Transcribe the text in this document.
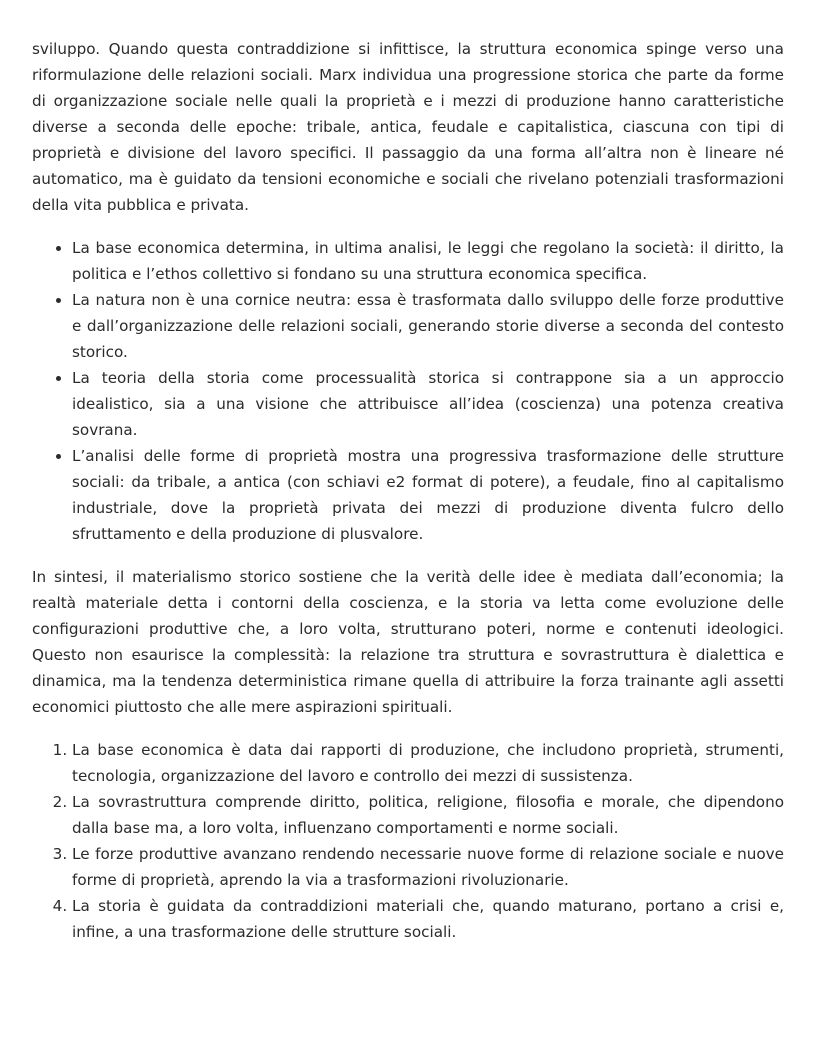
sviluppo. Quando questa contraddizione si infittisce, la struttura economica spinge verso una riformulazione delle relazioni sociali. Marx individua una progressione storica che parte da forme di organizzazione sociale nelle quali la proprietà e i mezzi di produzione hanno caratteristiche diverse a seconda delle epoche: tribale, antica, feudale e capitalistica, ciascuna con tipi di proprietà e divisione del lavoro specifici. Il passaggio da una forma all’altra non è lineare né automatico, ma è guidato da tensioni economiche e sociali che rivelano potenziali trasformazioni della vita pubblica e privata.

• La base economica determina, in ultima analisi, le leggi che regolano la società: il diritto, la politica e l’ethos collettivo si fondano su una struttura economica specifica.
• La natura non è una cornice neutra: essa è trasformata dallo sviluppo delle forze produttive e dall’organizzazione delle relazioni sociali, generando storie diverse a seconda del contesto storico.
• La teoria della storia come processualità storica si contrappone sia a un approccio idealistico, sia a una visione che attribuisce all’idea (coscienza) una potenza creativa sovrana.
• L’analisi delle forme di proprietà mostra una progressiva trasformazione delle strutture sociali: da tribale, a antica (con schiavi e2 format di potere), a feudale, fino al capitalismo industriale, dove la proprietà privata dei mezzi di produzione diventa fulcro dello sfruttamento e della produzione di plusvalore.

In sintesi, il materialismo storico sostiene che la verità delle idee è mediata dall’economia; la realtà materiale detta i contorni della coscienza, e la storia va letta come evoluzione delle configurazioni produttive che, a loro volta, strutturano poteri, norme e contenuti ideologici. Questo non esaurisce la complessità: la relazione tra struttura e sovrastruttura è dialettica e dinamica, ma la tendenza deterministica rimane quella di attribuire la forza trainante agli assetti economici piuttosto che alle mere aspirazioni spirituali.

1. La base economica è data dai rapporti di produzione, che includono proprietà, strumenti, tecnologia, organizzazione del lavoro e controllo dei mezzi di sussistenza.
2. La sovrastruttura comprende diritto, politica, religione, filosofia e morale, che dipendono dalla base ma, a loro volta, influenzano comportamenti e norme sociali.
3. Le forze produttive avanzano rendendo necessarie nuove forme di relazione sociale e nuove forme di proprietà, aprendo la via a trasformazioni rivoluzionarie.
4. La storia è guidata da contraddizioni materiali che, quando maturano, portano a crisi e, infine, a una trasformazione delle strutture sociali.
